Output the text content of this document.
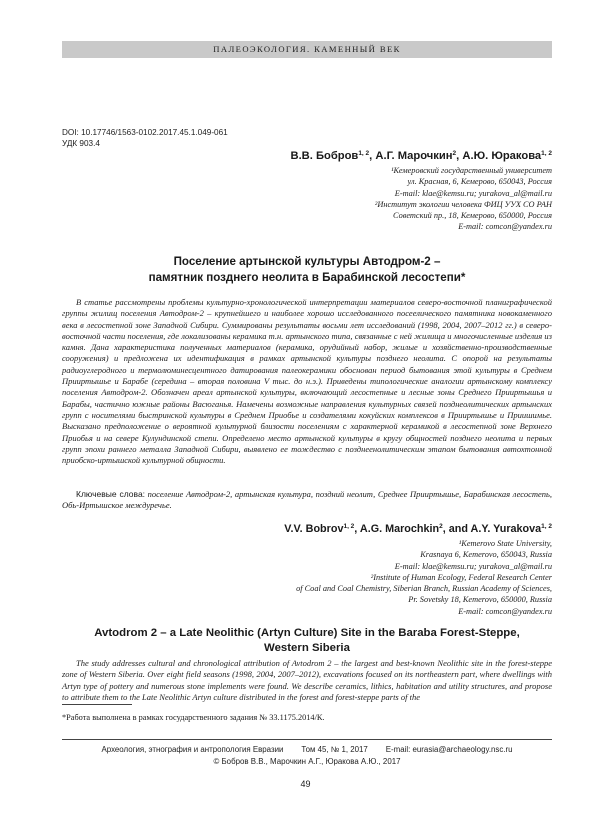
ПАЛЕОЭКОЛОГИЯ. КАМЕННЫЙ ВЕК
DOI: 10.17746/1563-0102.2017.45.1.049-061
УДК 903.4
В.В. Бобров$^{1, 2}$, А.Г. Марочкин$^2$, А.Ю. Юракова$^{1, 2}$
¹Кемеровский государственный университет
ул. Красная, 6, Кемерово, 650043, Россия
E-mail: klae@kemsu.ru; yurakova_al@mail.ru
²Институт экологии человека ФИЦ УУХ СО РАН
Советский пр., 18, Кемерово, 650000, Россия
E-mail: comcon@yandex.ru
Поселение артынской культуры Автодром-2 –
памятник позднего неолита в Барабинской лесостепи*

В статье рассмотрены проблемы культурно-хронологической интерпретации материалов северо-восточной планиграфической группы жилищ поселения Автодром-2 – крупнейшего и наиболее хорошо исследованного посеелического памятника новокаменного века в лесостепной зоне Западной Сибири. Суммированы результаты восьми лет исследований (1998, 2004, 2007–2012 гг.) в северо-восточной части поселения, где локализованы керамика т.н. артынского типа, связанные с ней жилища и многочисленные изделия из камня. Дана характеристика полученных материалов (керамика, орудийный набор, жилые и хозяйственно-производственные сооружения) и предложена их идентификация в рамках артынской культуры позднего неолита. С опорой на результаты радиоуглеродного и термолюминесцентного датирования палеокерамики обоснован период бытования этой культуры в Среднем Прииртышье и Барабе (середина – вторая половина V тыс. до н.э.). Приведены типологические аналогии артынскому комплексу поселения Автодром-2. Обозначен ареал артынской культуры, включающий лесостепные и лесные зоны Среднего Прииртышья и Барабы, частично южные районы Васюганья. Намечены возможные направления культурных связей позднеолитических артынских групп с носителями быстринской культуры в Среднем Приобье и создателями кокуйских комплексов в Прииртышье и Приишимье. Высказано предположение о вероятной культурной близости поселениям с характерной керамикой в лесостепной зоне Верхнего Приобья и на севере Кулундинской степи. Определено место артынской культуры в кругу общностей позднего неолита и первых групп эпохи раннего металла Западной Сибири, выявлено ее тождество с позднеенолитическим этапом бытования автохтонной приобско-иртышской культурной общности.

Ключевые слова: поселение Автодром-2, артынская культура, поздний неолит, Среднее Прииртышье, Барабинская лесостепь, Обь-Иртышское междуречье.

V.V. Bobrov$^{1, 2}$, A.G. Marochkin$^2$, and A.Y. Yurakova$^{1, 2}$
¹Kemerovo State University,
Krasnaya 6, Kemerovo, 650043, Russia
E-mail: klae@kemsu.ru; yurakova_al@mail.ru
²Institute of Human Ecology, Federal Research Center
of Coal and Coal Chemistry, Siberian Branch, Russian Academy of Sciences,
Pr. Sovetsky 18, Kemerovo, 650000, Russia
E-mail: comcon@yandex.ru
Avtodrom 2 – a Late Neolithic (Artyn Culture) Site in the Baraba Forest-Steppe,
Western Siberia

The study addresses cultural and chronological attribution of Avtodrom 2 – the largest and best-known Neolithic site in the forest-steppe zone of Western Siberia. Over eight field seasons (1998, 2004, 2007–2012), excavations focused on its northeastern part, where dwellings with Artyn type of pottery and numerous stone implements were found. We describe ceramics, lithics, habitation and utility structures, and propose to attribute them to the Late Neolithic Artyn culture distributed in the forest and forest-steppe parts of the

*Работа выполнена в рамках государственного задания № 33.1175.2014/К.
Археология, этнография и антропология Евразии Том 45, № 1, 2017 E-mail: eurasia@archaeology.nsc.ru
© Бобров В.В., Марочкин А.Г., Юракова А.Ю., 2017
49
